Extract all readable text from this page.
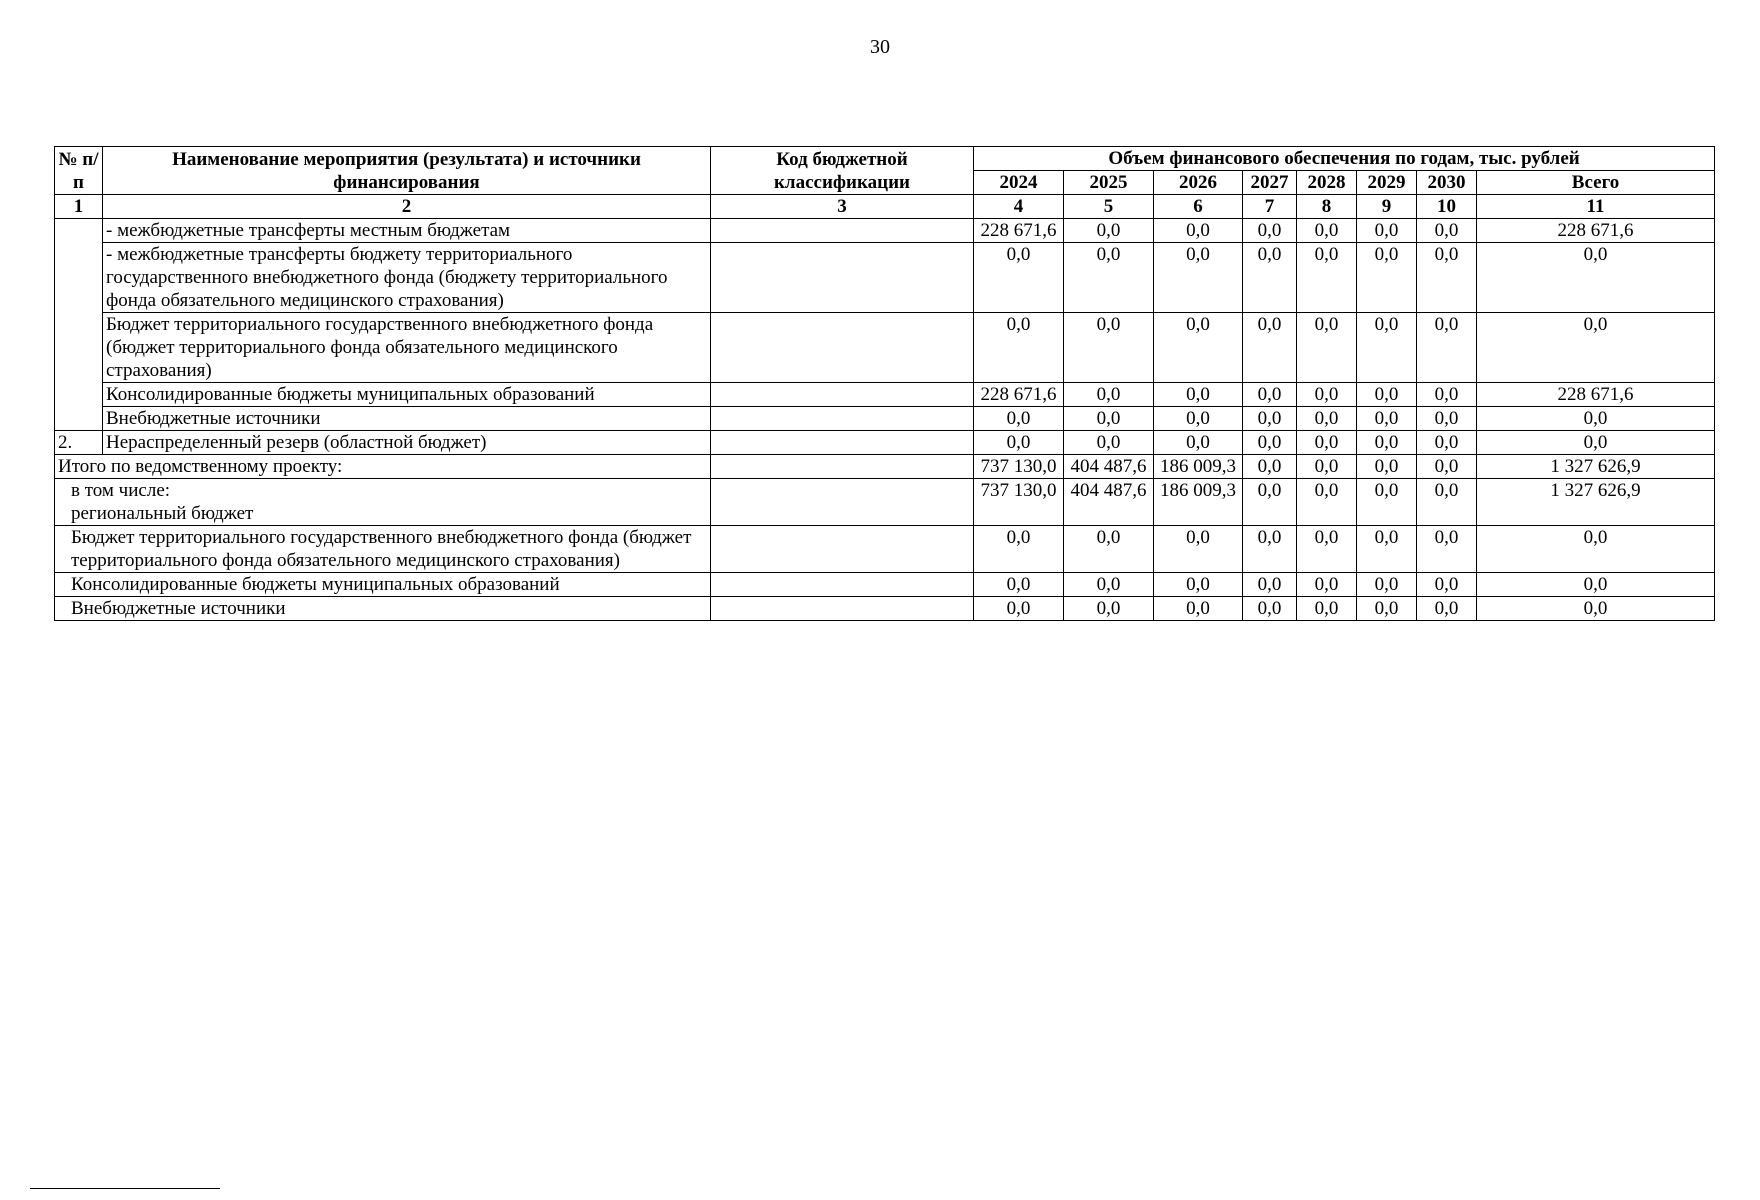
30
№ п/п	Наименование мероприятия (результата) и источники финансирования	Код бюджетной классификации	Объем финансового обеспечения по годам, тыс. рублей							
			2024	2025	2026	2027	2028	2029	2030	Всего
1	2	3	4	5	6	7	8	9	10	11
	- межбюджетные трансферты местным бюджетам		228 671,6	0,0	0,0	0,0	0,0	0,0	0,0	228 671,6
	- межбюджетные трансферты бюджету территориального государственного внебюджетного фонда (бюджету территориального фонда обязательного медицинского страхования)		0,0	0,0	0,0	0,0	0,0	0,0	0,0	0,0
	Бюджет территориального государственного внебюджетного фонда (бюджет территориального фонда обязательного медицинского страхования)		0,0	0,0	0,0	0,0	0,0	0,0	0,0	0,0
	Консолидированные бюджеты муниципальных образований		228 671,6	0,0	0,0	0,0	0,0	0,0	0,0	228 671,6
	Внебюджетные источники		0,0	0,0	0,0	0,0	0,0	0,0	0,0	0,0
2.	Нераспределенный резерв (областной бюджет)		0,0	0,0	0,0	0,0	0,0	0,0	0,0	0,0
Итого по ведомственному проекту:			737 130,0	404 487,6	186 009,3	0,0	0,0	0,0	0,0	1 327 626,9

в том числе:
региональный бюджет			737 130,0	404 487,6	186 009,3	0,0	0,0	0,0	0,0	1 327 626,9
Бюджет территориального государственного внебюджетного фонда (бюджет территориального фонда обязательного медицинского страхования)			0,0	0,0	0,0	0,0	0,0	0,0	0,0	0,0
Консолидированные бюджеты муниципальных образований			0,0	0,0	0,0	0,0	0,0	0,0	0,0	0,0
Внебюджетные источники			0,0	0,0	0,0	0,0	0,0	0,0	0,0	0,0
